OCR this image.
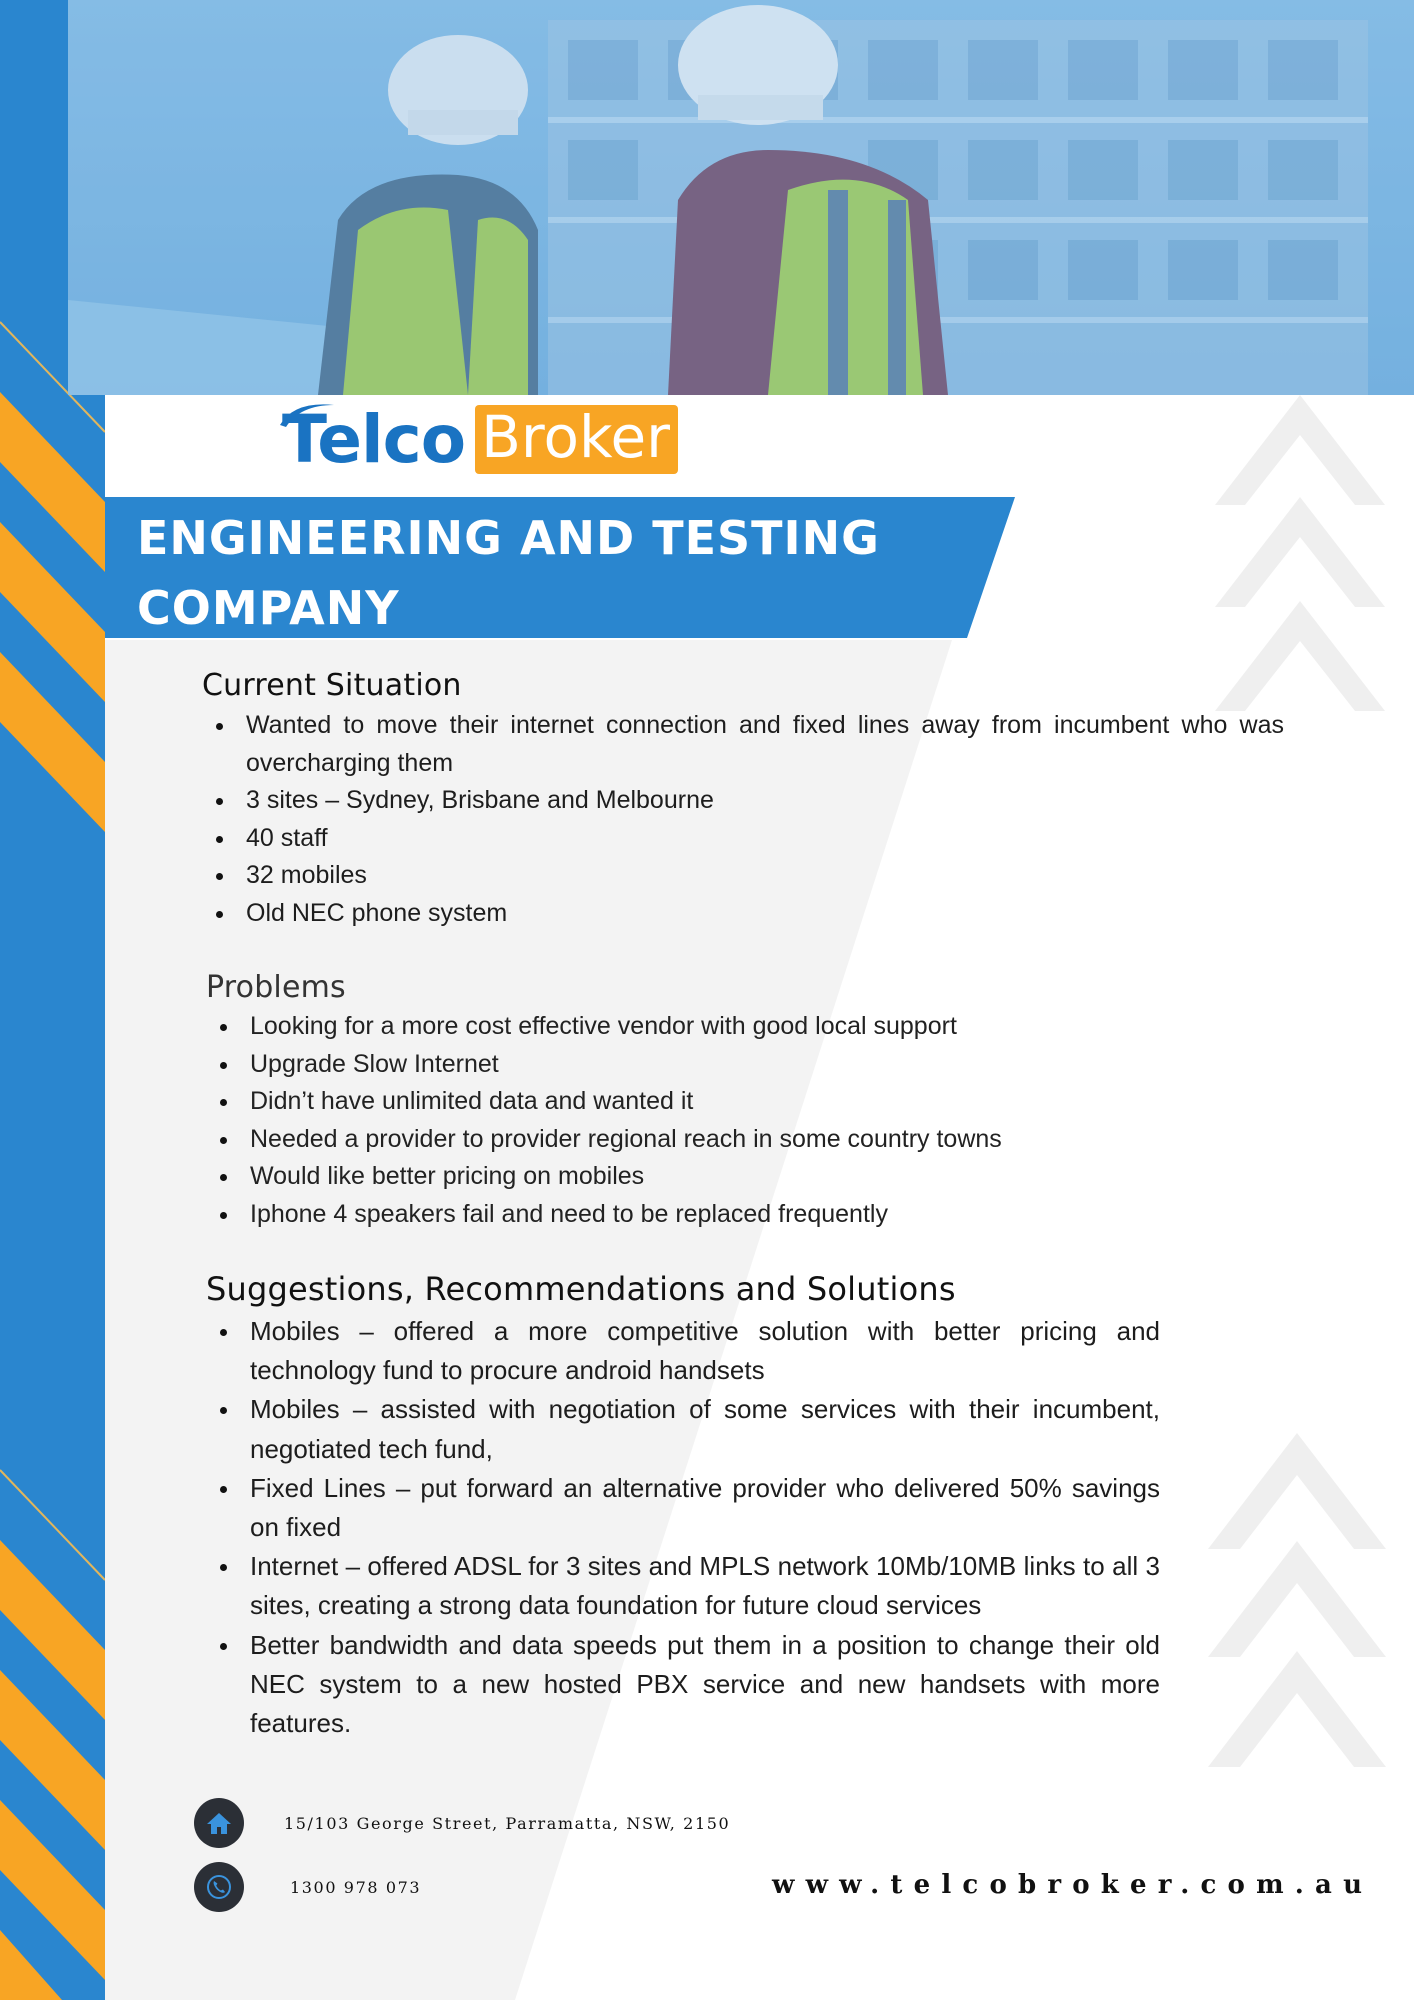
Telco Broker
ENGINEERING AND TESTING
COMPANY
Current Situation
Wanted to move their internet connection and fixed lines away from incumbent who was overcharging them
3 sites – Sydney, Brisbane and Melbourne
40 staff
32 mobiles
Old NEC phone system
Problems
Looking for a more cost effective vendor with good local support
Upgrade Slow Internet
Didn’t have unlimited data and wanted it
Needed a provider to provider regional reach in some country towns
Would like better pricing on mobiles
Iphone 4 speakers fail and need to be replaced frequently
Suggestions, Recommendations and Solutions
Mobiles – offered a more competitive solution with better pricing and technology fund to procure android handsets
Mobiles – assisted with negotiation of some services with their incumbent, negotiated tech fund,
Fixed Lines – put forward an alternative provider who delivered 50% savings on fixed
Internet – offered ADSL for 3 sites and MPLS network 10Mb/10MB links to all 3 sites, creating a strong data foundation for future cloud services
Better bandwidth and data speeds put them in a position to change their old NEC system to a new hosted PBX service and new handsets with more features.
15/103 George Street, Parramatta, NSW, 2150
1300 978 073	www.telcobroker.com.au
